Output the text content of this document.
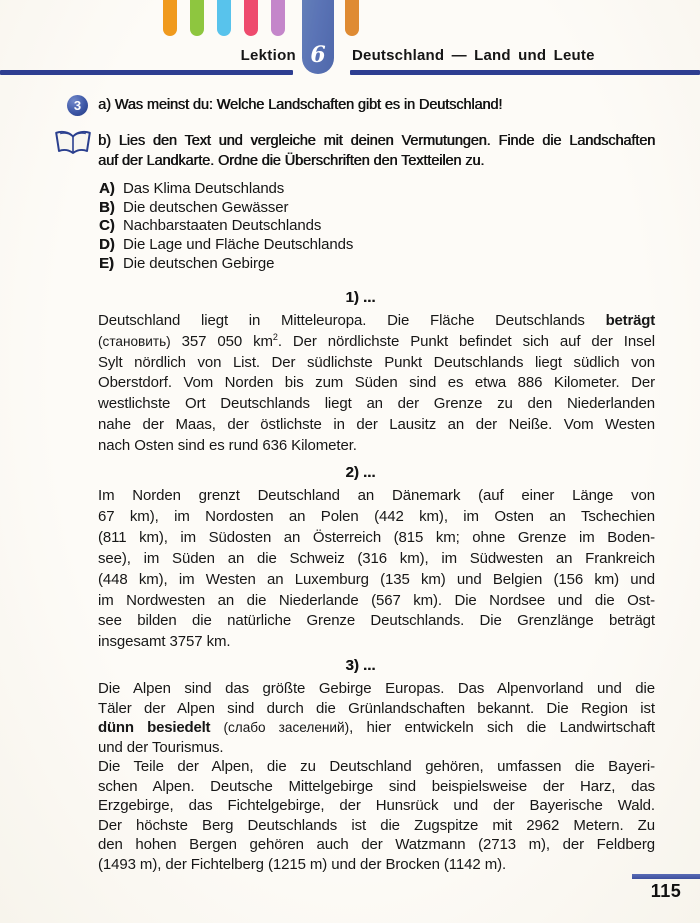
6
Lektion	Deutschland — Land und Leute
3	a) Was meinst du: Welche Landschaften gibt es in Deutschland!
b) Lies den Text und vergleiche mit deinen Vermutungen. Finde die Landschaften
auf der Landkarte. Ordne die Überschriften den Textteilen zu.
A) Das Klima Deutschlands
B) Die deutschen Gewässer
C) Nachbarstaaten Deutschlands
D) Die Lage und Fläche Deutschlands
E) Die deutschen Gebirge
1) ...
Deutschland liegt in Mitteleuropa. Die Fläche Deutschlands beträgt
(становить) 357 050 $km^2$. Der nördlichste Punkt befindet sich auf der Insel
Sylt nördlich von List. Der südlichste Punkt Deutschlands liegt südlich von
Oberstdorf. Vom Norden bis zum Süden sind es etwa 886 Kilometer. Der
westlichste Ort Deutschlands liegt an der Grenze zu den Niederlanden
nahe der Maas, der östlichste in der Lausitz an der Neiße. Vom Westen
nach Osten sind es rund 636 Kilometer.
2) ...
Im Norden grenzt Deutschland an Dänemark (auf einer Länge von
67 km), im Nordosten an Polen (442 km), im Osten an Tschechien
(811 km), im Südosten an Österreich (815 km; ohne Grenze im Boden-
see), im Süden an die Schweiz (316 km), im Südwesten an Frankreich
(448 km), im Westen an Luxemburg (135 km) und Belgien (156 km) und
im Nordwesten an die Niederlande (567 km). Die Nordsee und die Ost-
see bilden die natürliche Grenze Deutschlands. Die Grenzlänge beträgt
insgesamt 3757 km.
3) ...
Die Alpen sind das größte Gebirge Europas. Das Alpenvorland und die
Täler der Alpen sind durch die Grünlandschaften bekannt. Die Region ist
dünn besiedelt (слабо заселений), hier entwickeln sich die Landwirtschaft
und der Tourismus.
Die Teile der Alpen, die zu Deutschland gehören, umfassen die Bayeri-
schen Alpen. Deutsche Mittelgebirge sind beispielsweise der Harz, das
Erzgebirge, das Fichtelgebirge, der Hunsrück und der Bayerische Wald.
Der höchste Berg Deutschlands ist die Zugspitze mit 2962 Metern. Zu
den hohen Bergen gehören auch der Watzmann (2713 m), der Feldberg
(1493 m), der Fichtelberg (1215 m) und der Brocken (1142 m).
115
